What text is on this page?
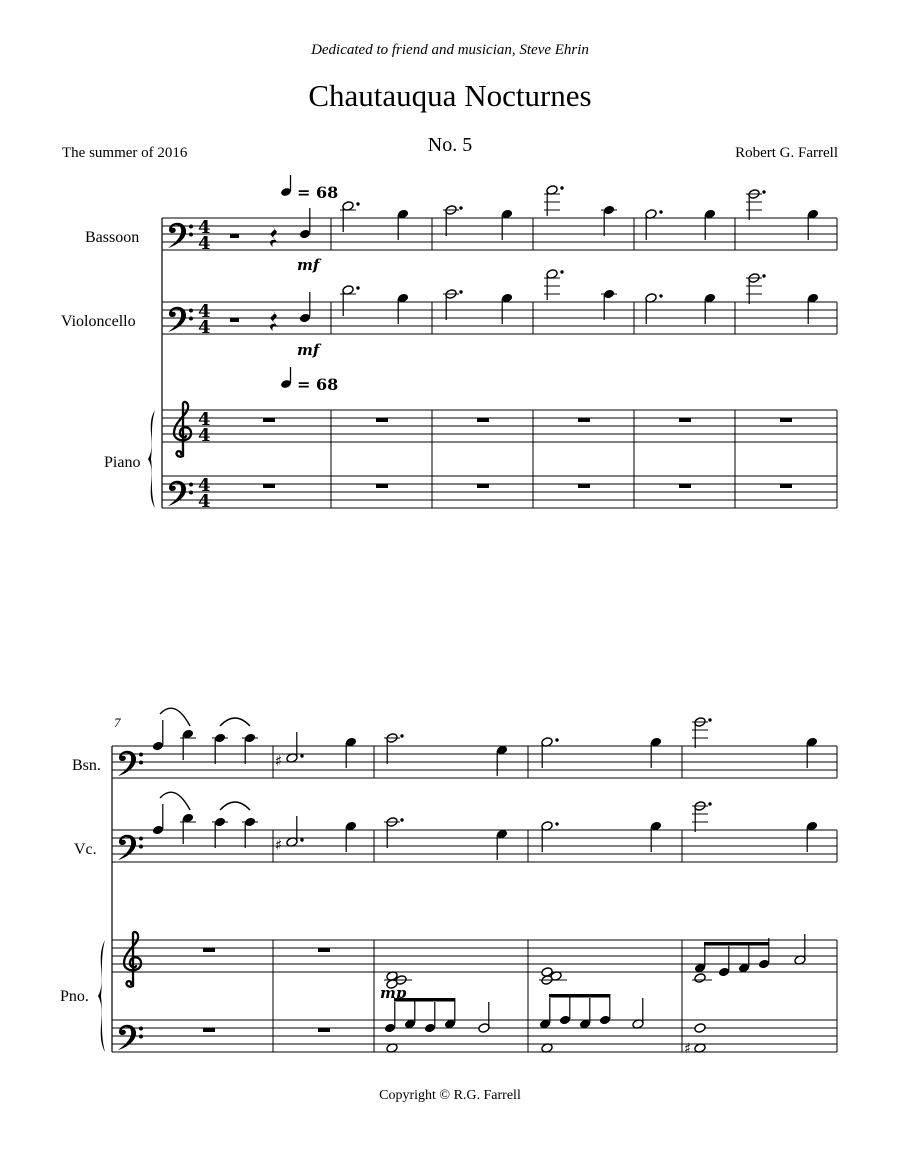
Dedicated to friend and musician, Steve Ehrin
Chautauqua Nocturnes
No. 5
The summer of 2016	Robert G. Farrell
= 68
= 68
Bassoon
Violoncello
Piano
4
4
4
4
4
4
4
4
mf
mf
7
Bsn.
Vc.
Pno.
♯
♯
♯
mp
Copyright © R.G. Farrell
